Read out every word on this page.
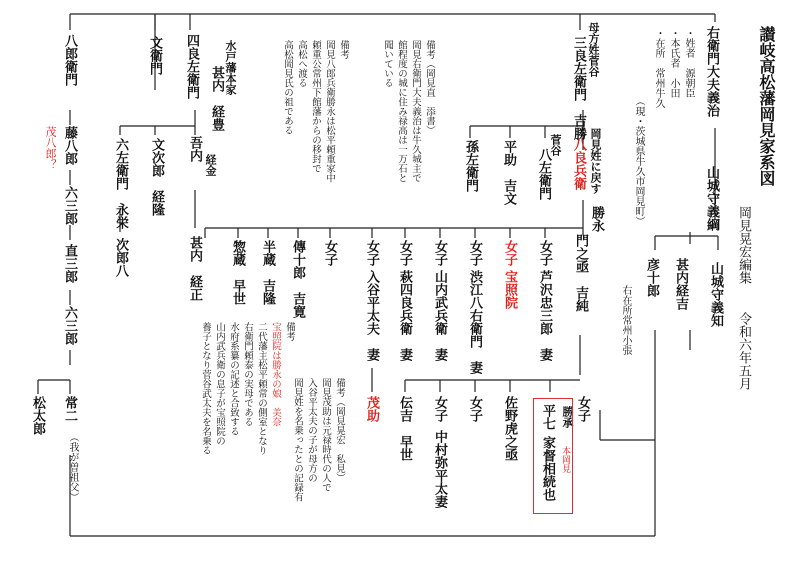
讃岐高松藩岡見家系図
岡見晃宏編集
令和六年五月
右衛門大夫義治
山城守義綱
山城守義知
・姓者　源朝臣
・本氏者　小田
・在所　常州牛久
（現・茨城県牛久市岡見町）
甚内経吉
彦十郎
右在所常州小張
母方姓菅谷
三良左衛門　吉勝
岡見姓に戻す
八良兵衛
勝永
門之亟　吉純
菅谷
八左衛門
平助　吉文
孫左衛門
女子
芦沢忠三郎　妻
女子
宝照院
女子
渋江八右衛門　妻
女子
山内武兵衛　妻
女子
萩四良兵衛　妻
女子
入谷平太夫　妻
茂助
女子
傳十郎　吉寛
半蔵　吉隆
惣蔵　早世
甚内　経正
女子
勝承
平七
本岡見
家督相続也
佐野虎之亟
女子
女子
中村弥平太妻
伝吉　早世
四良左衛門 甚内　経豊 水戸藩本家
文衛門
吾内
経金
文次郎　経隆
六左衛門　永栄
次郎八
八郎衛門
藤八郎
茂八郎？
六三郎
直三郎
六三郎
常二
（我が曽祖父）
松太郎
備考（岡見直　添書）
岡見右衛門大夫義治は牛久城主で
館程度の城に住み禄高は一万石と
聞いている
備考
岡見八郎兵衛勝永は松平頼重家中
頼重公常州下館藩からの移封で
高松へ渡る
高松岡見氏の祖である
備考
宝照院は勝永の娘　美奈
二代藩主松平頼常の側室となり
右衛門頼泰の実母である
水府系纂の記述と合致する
山内武兵衛の息子が宝照院の
養子となり菅谷武太夫を名乗る	備考（岡見晃宏　私見）
岡見茂助は元禄時代の人で
入谷平太夫の子が母方の
岡見姓を名乗ったとの記録有
